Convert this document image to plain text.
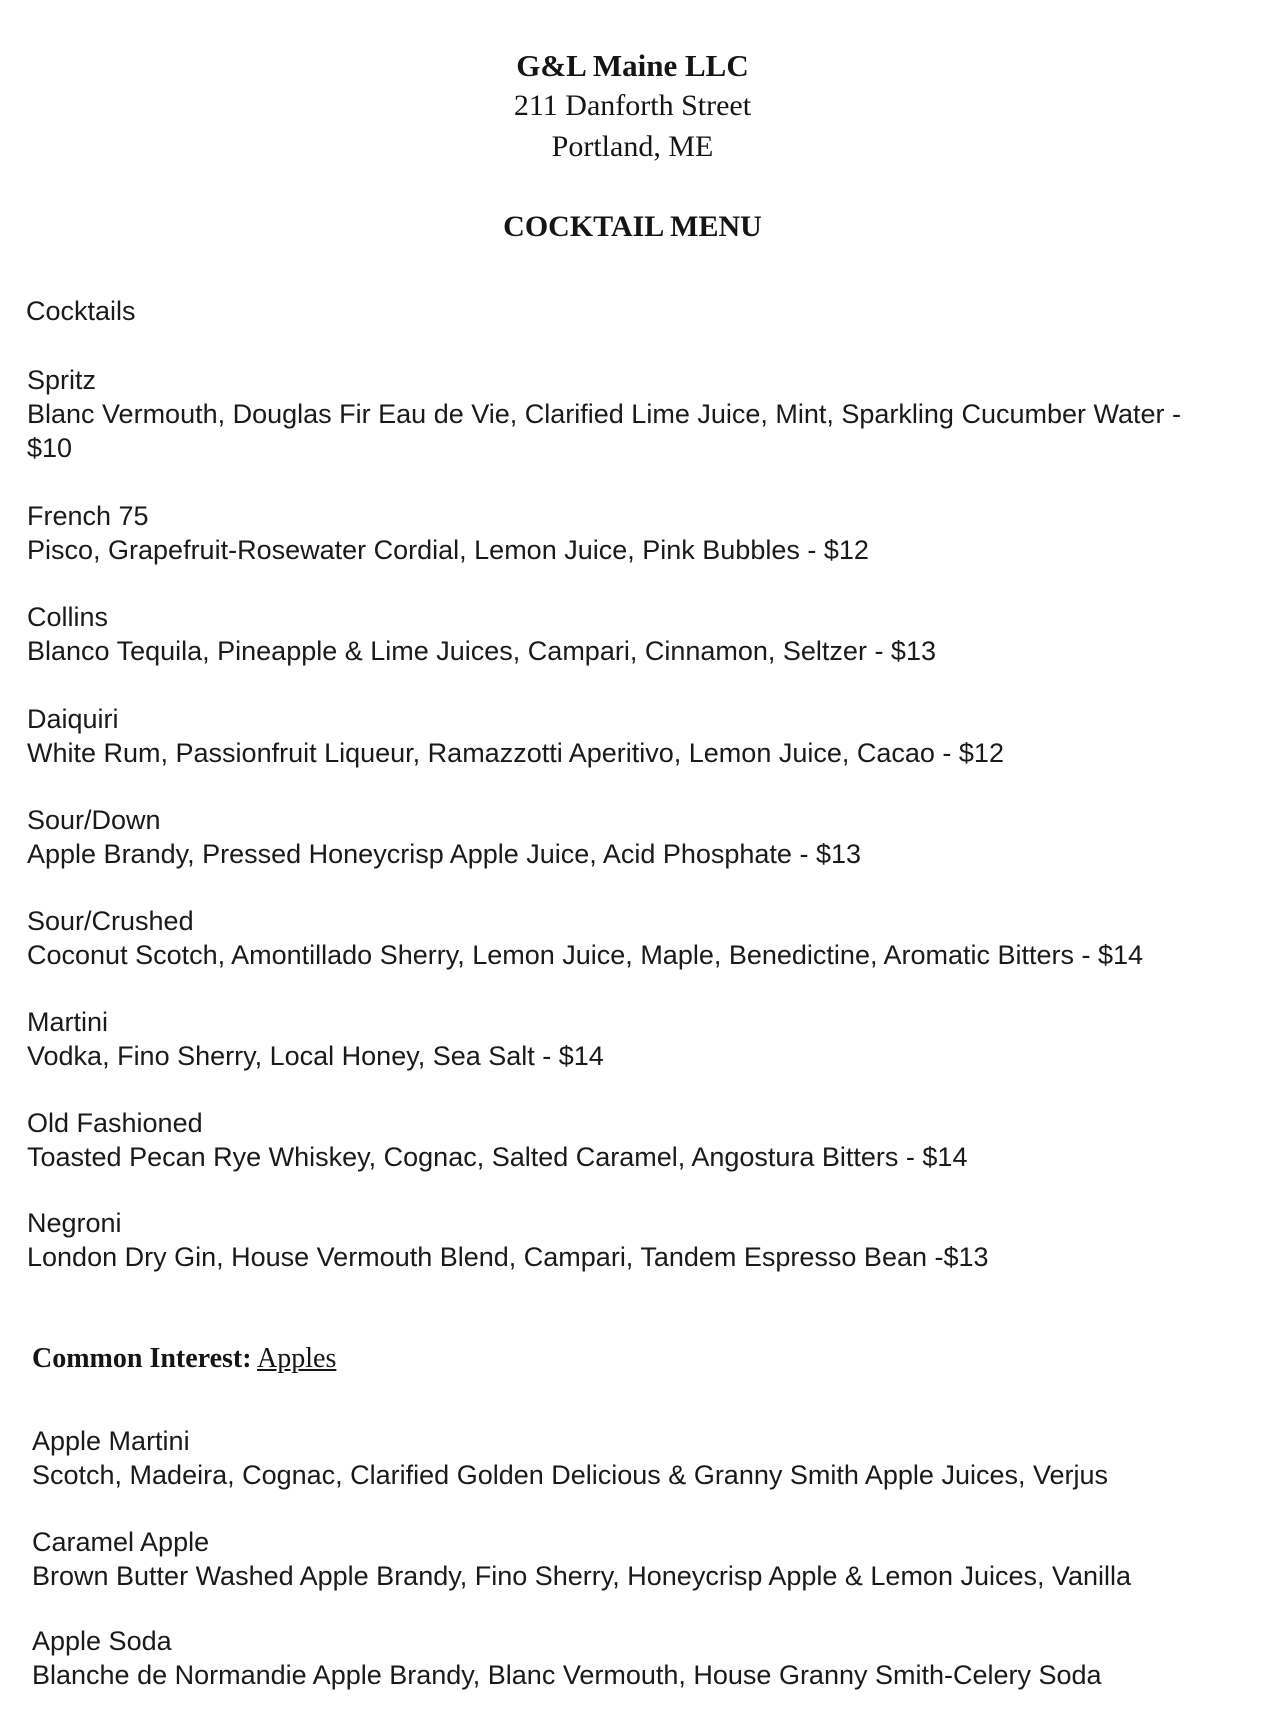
G&L Maine LLC
211 Danforth Street
Portland, ME
COCKTAIL MENU
Cocktails
Spritz
Blanc Vermouth, Douglas Fir Eau de Vie, Clarified Lime Juice, Mint, Sparkling Cucumber Water - $10
French 75
Pisco, Grapefruit-Rosewater Cordial, Lemon Juice, Pink Bubbles - $12
Collins
Blanco Tequila, Pineapple & Lime Juices, Campari, Cinnamon, Seltzer - $13
Daiquiri
White Rum, Passionfruit Liqueur, Ramazzotti Aperitivo, Lemon Juice, Cacao - $12
Sour/Down
Apple Brandy, Pressed Honeycrisp Apple Juice, Acid Phosphate - $13
Sour/Crushed
Coconut Scotch, Amontillado Sherry, Lemon Juice, Maple, Benedictine, Aromatic Bitters - $14
Martini
Vodka, Fino Sherry, Local Honey, Sea Salt - $14
Old Fashioned
Toasted Pecan Rye Whiskey, Cognac, Salted Caramel, Angostura Bitters - $14
Negroni
London Dry Gin, House Vermouth Blend, Campari, Tandem Espresso Bean -$13
Common Interest: Apples
Apple Martini
Scotch, Madeira, Cognac, Clarified Golden Delicious & Granny Smith Apple Juices, Verjus
Caramel Apple
Brown Butter Washed Apple Brandy, Fino Sherry, Honeycrisp Apple & Lemon Juices, Vanilla
Apple Soda
Blanche de Normandie Apple Brandy, Blanc Vermouth, House Granny Smith-Celery Soda
